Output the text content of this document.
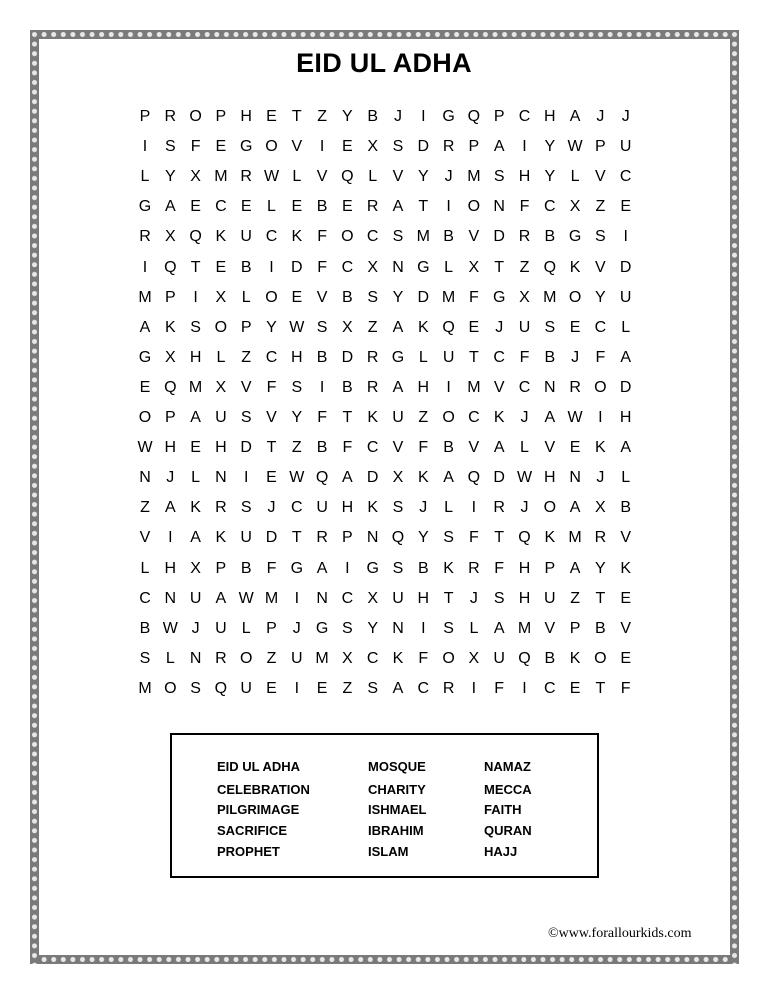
EID UL ADHA
P R O P H E T Z Y B J	I	G Q P C H A J	J
I	S F E G O V	I	E X S D R P A	I	Y W P U
L Y X M R W L V Q L V Y J M S H Y L V C
G A E C E L E B E R A T	I	O N F C X Z E
R X Q K U C K F O C S M B V D R B G S	I
I	Q T E B	I	D F C X N G L X T Z Q K V D
M P	I	X L O E V B S Y D M F G X M O Y U
A K S O P Y W S X Z A K Q E J U S E C L
G X H L Z C H B D R G L U T C F B J	F A
E Q M X V F S	I	B R A H	I	M V C N R O D
O P A U S V Y F T K U Z O C K J A W I	H
W H E H D T Z B F C V F B V A L V E K A
N J	L N	I	E W Q A D X K A Q D W H N J	L
Z A K R S J C U H K S J	L	I	R J O A X B
V	I	A K U D T R P N Q Y S F T Q K M R V
L H X P B F G A	I	G S B K R F H P A Y K
C N U A W M	I	N C X U H T	J S H U Z T E
B W J U L P J G S Y N	I	S L A M V P B V
S L N R O Z U M X C K F O X U Q B K O E
M O S Q U E	I	E Z S A C R	I	F	I	C E T F
EID UL ADHA
CELEBRATION
PILGRIMAGE
SACRIFICE
PROPHET
MOSQUE
CHARITY
ISHMAEL
IBRAHIM
ISLAM
NAMAZ
MECCA
FAITH
QURAN
HAJJ
©www.forallourkids.com
